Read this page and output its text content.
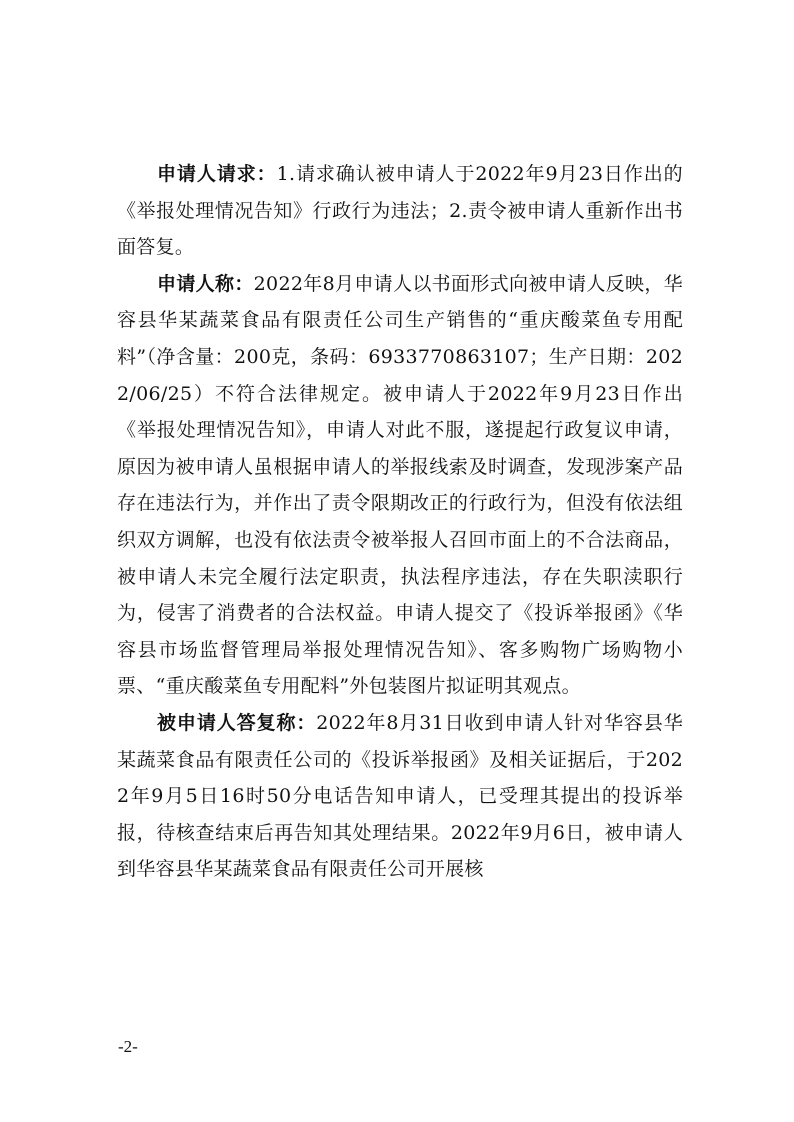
申请人请求：1.请求确认被申请人于2022年9月23日作出的《举报处理情况告知》行政行为违法；2.责令被申请人重新作出书面答复。

申请人称：2022年8月申请人以书面形式向被申请人反映，华容县华某蔬菜食品有限责任公司生产销售的“重庆酸菜鱼专用配料”（净含量：200克，条码：6933770863107；生产日期：2022/06/25）不符合法律规定。被申请人于2022年9月23日作出《举报处理情况告知》，申请人对此不服，遂提起行政复议申请，原因为被申请人虽根据申请人的举报线索及时调查，发现涉案产品存在违法行为，并作出了责令限期改正的行政行为，但没有依法组织双方调解，也没有依法责令被举报人召回市面上的不合法商品，被申请人未完全履行法定职责，执法程序违法，存在失职渎职行为，侵害了消费者的合法权益。申请人提交了《投诉举报函》《华容县市场监督管理局举报处理情况告知》、客多购物广场购物小票、“重庆酸菜鱼专用配料”外包装图片拟证明其观点。

被申请人答复称：2022年8月31日收到申请人针对华容县华某蔬菜食品有限责任公司的《投诉举报函》及相关证据后，于2022年9月5日16时50分电话告知申请人，已受理其提出的投诉举报，待核查结束后再告知其处理结果。2022年9月6日，被申请人到华容县华某蔬菜食品有限责任公司开展核

-2-
